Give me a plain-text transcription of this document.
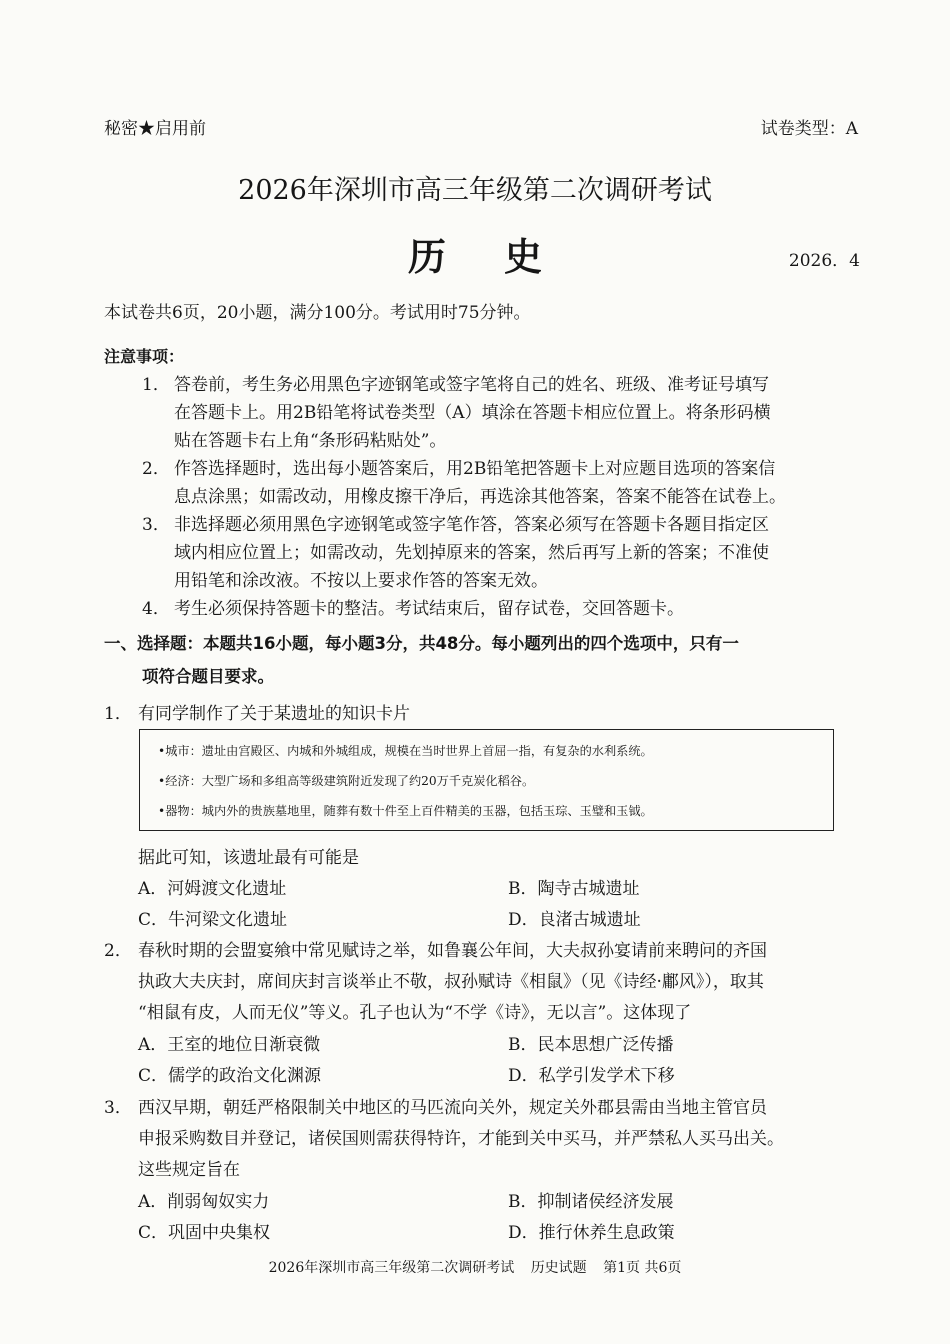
秘密★启用前	试卷类型：A
2026年深圳市高三年级第二次调研考试
历史	2026．4
本试卷共6页，20小题，满分100分。考试用时75分钟。
注意事项：
1． 答卷前，考生务必用黑色字迹钢笔或签字笔将自己的姓名、班级、准考证号填写
在答题卡上。用2B铅笔将试卷类型（A）填涂在答题卡相应位置上。将条形码横
贴在答题卡右上角“条形码粘贴处”。
2． 作答选择题时，选出每小题答案后，用2B铅笔把答题卡上对应题目选项的答案信
息点涂黑；如需改动，用橡皮擦干净后，再选涂其他答案，答案不能答在试卷上。
3． 非选择题必须用黑色字迹钢笔或签字笔作答，答案必须写在答题卡各题目指定区
域内相应位置上；如需改动，先划掉原来的答案，然后再写上新的答案；不准使
用铅笔和涂改液。不按以上要求作答的答案无效。
4． 考生必须保持答题卡的整洁。考试结束后，留存试卷，交回答题卡。
一、选择题：本题共16小题，每小题3分，共48分。每小题列出的四个选项中，只有一
项符合题目要求。
1． 有同学制作了关于某遗址的知识卡片
•城市：遗址由宫殿区、内城和外城组成，规模在当时世界上首屈一指，有复杂的水利系统。
•经济：大型广场和多组高等级建筑附近发现了约20万千克炭化稻谷。
•器物：城内外的贵族墓地里，随葬有数十件至上百件精美的玉器，包括玉琮、玉璧和玉钺。
据此可知，该遗址最有可能是
A．河姆渡文化遗址	B．陶寺古城遗址
C．牛河梁文化遗址	D．良渚古城遗址
2． 春秋时期的会盟宴飨中常见赋诗之举，如鲁襄公年间，大夫叔孙宴请前来聘问的齐国
执政大夫庆封，席间庆封言谈举止不敬，叔孙赋诗《相鼠》（见《诗经·鄘风》），取其
“相鼠有皮，人而无仪”等义。孔子也认为“不学《诗》，无以言”。这体现了
A．王室的地位日渐衰微	B．民本思想广泛传播
C．儒学的政治文化渊源	D．私学引发学术下移
3． 西汉早期，朝廷严格限制关中地区的马匹流向关外，规定关外郡县需由当地主管官员
申报采购数目并登记，诸侯国则需获得特许，才能到关中买马，并严禁私人买马出关。
这些规定旨在
A．削弱匈奴实力	B．抑制诸侯经济发展
C．巩固中央集权	D．推行休养生息政策
2026年深圳市高三年级第二次调研考试 历史试题 第1页 共6页
